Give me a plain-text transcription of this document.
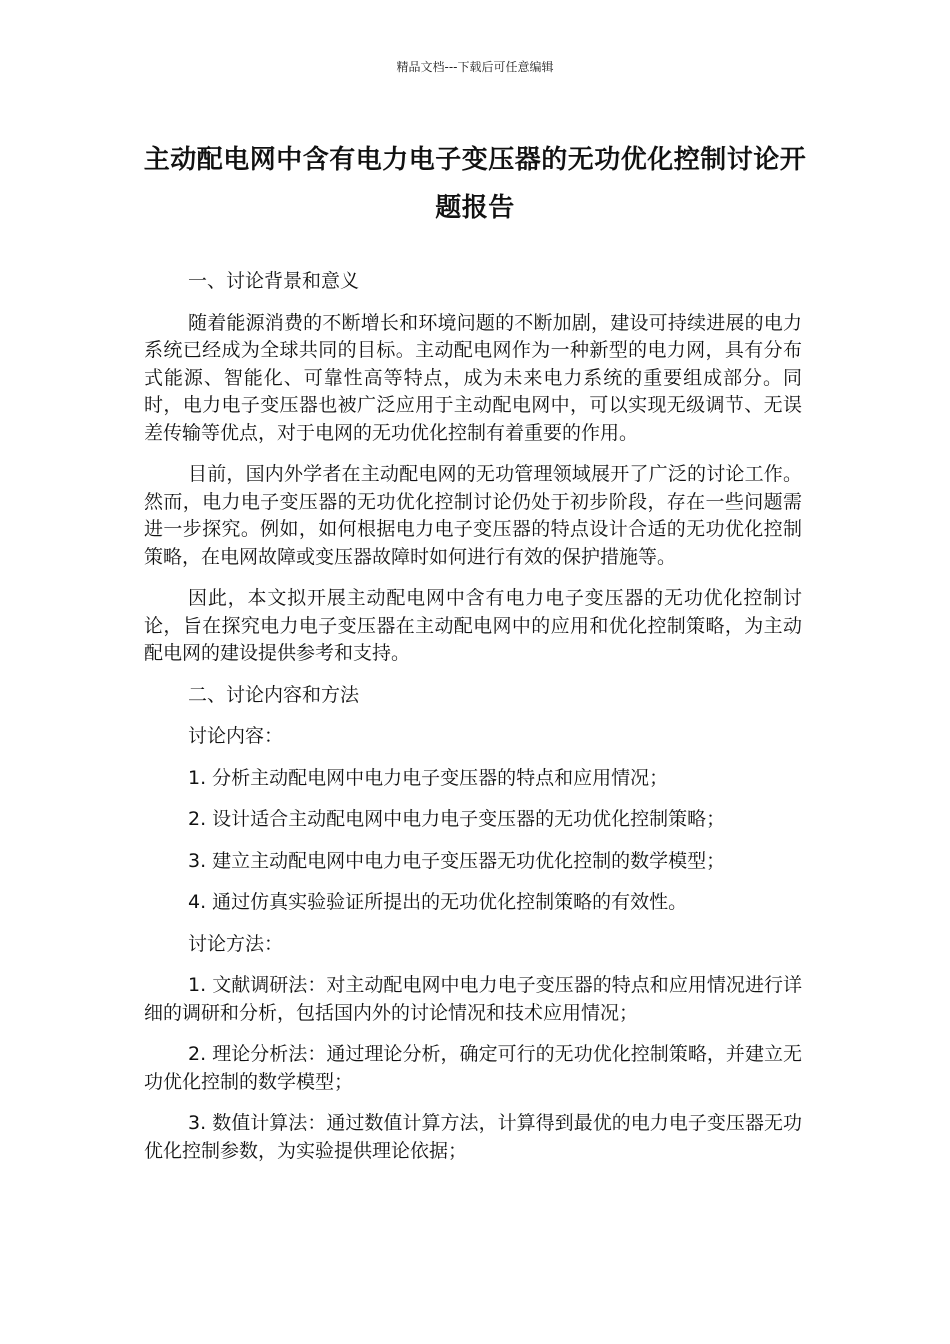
精品文档---下载后可任意编辑
主动配电网中含有电力电子变压器的无功优化控制讨论开题报告

一、讨论背景和意义

随着能源消费的不断增长和环境问题的不断加剧，建设可持续进展的电力系统已经成为全球共同的目标。主动配电网作为一种新型的电力网，具有分布式能源、智能化、可靠性高等特点，成为未来电力系统的重要组成部分。同时，电力电子变压器也被广泛应用于主动配电网中，可以实现无级调节、无误差传输等优点，对于电网的无功优化控制有着重要的作用。

目前，国内外学者在主动配电网的无功管理领域展开了广泛的讨论工作。然而，电力电子变压器的无功优化控制讨论仍处于初步阶段，存在一些问题需进一步探究。例如，如何根据电力电子变压器的特点设计合适的无功优化控制策略，在电网故障或变压器故障时如何进行有效的保护措施等。

因此，本文拟开展主动配电网中含有电力电子变压器的无功优化控制讨论，旨在探究电力电子变压器在主动配电网中的应用和优化控制策略，为主动配电网的建设提供参考和支持。

二、讨论内容和方法

讨论内容：

1. 分析主动配电网中电力电子变压器的特点和应用情况；

2. 设计适合主动配电网中电力电子变压器的无功优化控制策略；

3. 建立主动配电网中电力电子变压器无功优化控制的数学模型；

4. 通过仿真实验验证所提出的无功优化控制策略的有效性。

讨论方法：

1. 文献调研法：对主动配电网中电力电子变压器的特点和应用情况进行详细的调研和分析，包括国内外的讨论情况和技术应用情况；

2. 理论分析法：通过理论分析，确定可行的无功优化控制策略，并建立无功优化控制的数学模型；

3. 数值计算法：通过数值计算方法，计算得到最优的电力电子变压器无功优化控制参数，为实验提供理论依据；
